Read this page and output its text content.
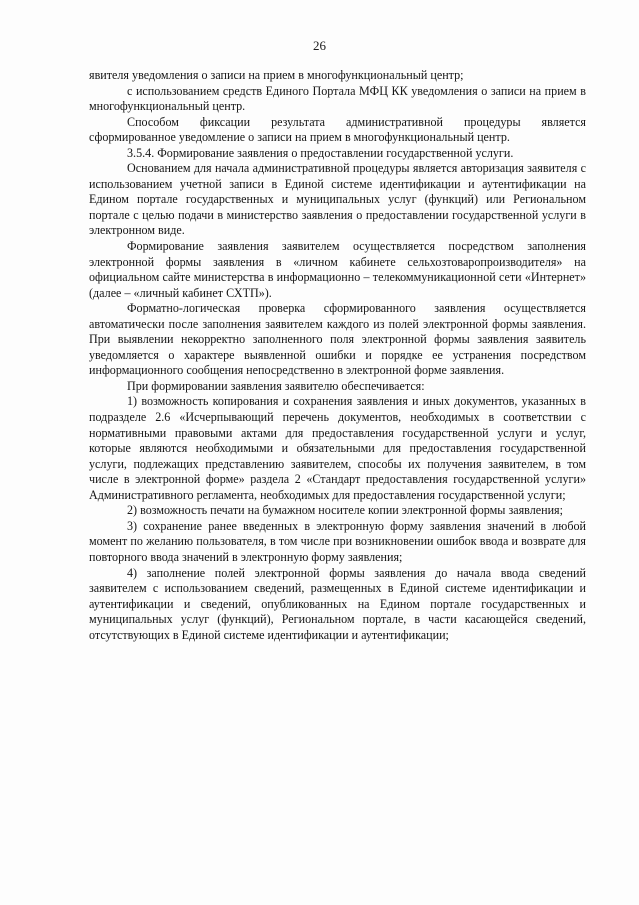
26

явителя уведомления о записи на прием в многофункциональный центр;

с использованием средств Единого Портала МФЦ КК уведомления о записи на прием в многофункциональный центр.

Способом фиксации результата административной процедуры является сформированное уведомление о записи на прием в многофункциональный центр.

3.5.4. Формирование заявления о предоставлении государственной услуги.

Основанием для начала административной процедуры является авторизация заявителя с использованием учетной записи в Единой системе идентификации и аутентификации на Едином портале государственных и муниципальных услуг (функций) или Региональном портале с целью подачи в министерство заявления о предоставлении государственной услуги в электронном виде.

Формирование заявления заявителем осуществляется посредством заполнения электронной формы заявления в «личном кабинете сельхозтоваропроизводителя» на официальном сайте министерства в информационно – телекоммуникационной сети «Интернет» (далее – «личный кабинет СХТП»).

Форматно-логическая проверка сформированного заявления осуществляется автоматически после заполнения заявителем каждого из полей электронной формы заявления. При выявлении некорректно заполненного поля электронной формы заявления заявитель уведомляется о характере выявленной ошибки и порядке ее устранения посредством информационного сообщения непосредственно в электронной форме заявления.

При формировании заявления заявителю обеспечивается:

1) возможность копирования и сохранения заявления и иных документов, указанных в подразделе 2.6 «Исчерпывающий перечень документов, необходимых в соответствии с нормативными правовыми актами для предоставления государственной услуги и услуг, которые являются необходимыми и обязательными для предоставления государственной услуги, подлежащих представлению заявителем, способы их получения заявителем, в том числе в электронной форме» раздела 2 «Стандарт предоставления государственной услуги» Административного регламента, необходимых для предоставления государственной услуги;

2) возможность печати на бумажном носителе копии электронной формы заявления;

3) сохранение ранее введенных в электронную форму заявления значений в любой момент по желанию пользователя, в том числе при возникновении ошибок ввода и возврате для повторного ввода значений в электронную форму заявления;

4) заполнение полей электронной формы заявления до начала ввода сведений заявителем с использованием сведений, размещенных в Единой системе идентификации и аутентификации и сведений, опубликованных на Едином портале государственных и муниципальных услуг (функций), Региональном портале, в части касающейся сведений, отсутствующих в Единой системе идентификации и аутентификации;
